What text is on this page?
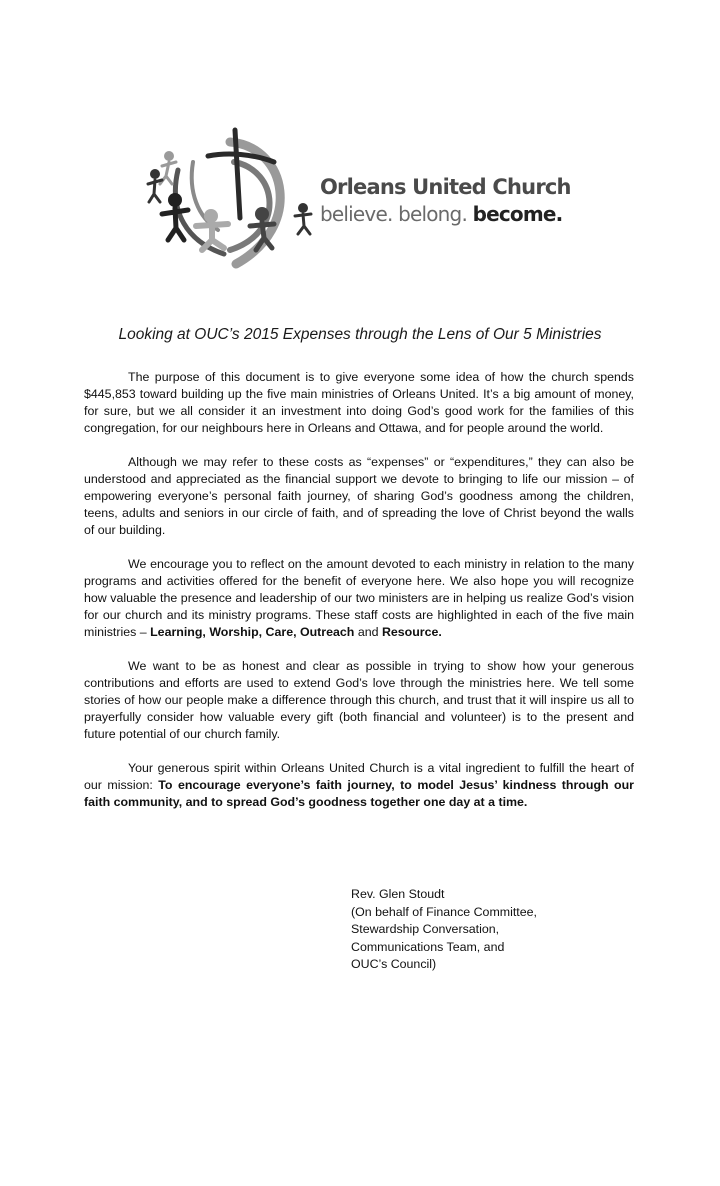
Orleans United Church
believe. belong. become.
Looking at OUC’s 2015 Expenses through the Lens of Our 5 Ministries

The purpose of this document is to give everyone some idea of how the church spends $445,853 toward building up the five main ministries of Orleans United. It’s a big amount of money, for sure, but we all consider it an investment into doing God’s good work for the families of this congregation, for our neighbours here in Orleans and Ottawa, and for people around the world.

Although we may refer to these costs as “expenses” or “expenditures,” they can also be understood and appreciated as the financial support we devote to bringing to life our mission – of empowering everyone’s personal faith journey, of sharing God’s goodness among the children, teens, adults and seniors in our circle of faith, and of spreading the love of Christ beyond the walls of our building.

We encourage you to reflect on the amount devoted to each ministry in relation to the many programs and activities offered for the benefit of everyone here. We also hope you will recognize how valuable the presence and leadership of our two ministers are in helping us realize God’s vision for our church and its ministry programs. These staff costs are highlighted in each of the five main ministries – Learning, Worship, Care, Outreach and Resource.

We want to be as honest and clear as possible in trying to show how your generous contributions and efforts are used to extend God’s love through the ministries here. We tell some stories of how our people make a difference through this church, and trust that it will inspire us all to prayerfully consider how valuable every gift (both financial and volunteer) is to the present and future potential of our church family.

Your generous spirit within Orleans United Church is a vital ingredient to fulfill the heart of our mission: To encourage everyone’s faith journey, to model Jesus’ kindness through our faith community, and to spread God’s goodness together one day at a time.

Rev. Glen Stoudt
(On behalf of Finance Committee,
Stewardship Conversation,
Communications Team, and
OUC’s Council)
